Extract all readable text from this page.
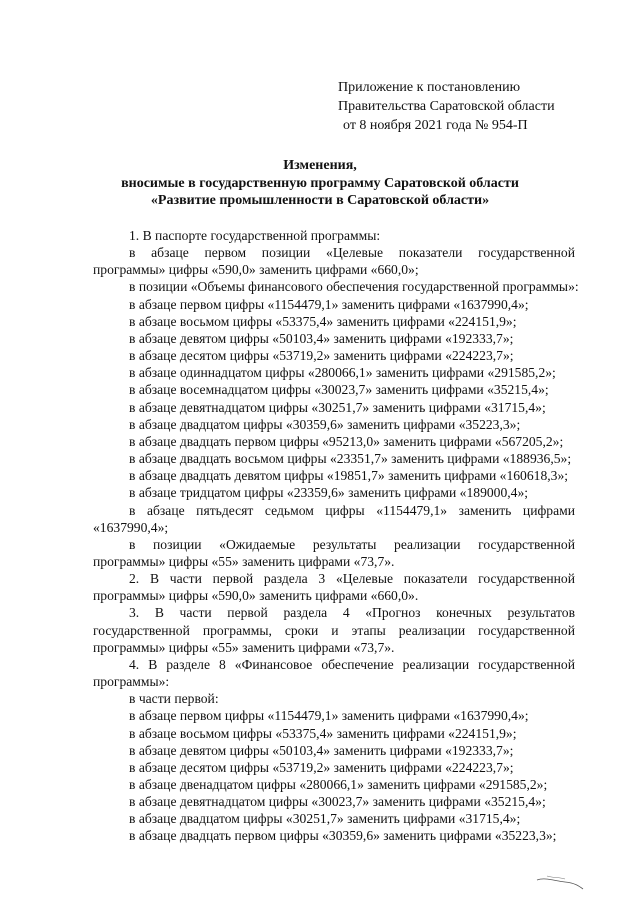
Приложение к постановлению
Правительства Саратовской области
от 8 ноября 2021 года № 954-П
Изменения,
вносимые в государственную программу Саратовской области
«Развитие промышленности в Саратовской области»

1. В паспорте государственной программы:

в абзаце первом позиции «Целевые показатели государственной программы» цифры «590,0» заменить цифрами «660,0»;

в позиции «Объемы финансового обеспечения государственной программы»:

в абзаце первом цифры «1154479,1» заменить цифрами «1637990,4»;

в абзаце восьмом цифры «53375,4» заменить цифрами «224151,9»;

в абзаце девятом цифры «50103,4» заменить цифрами «192333,7»;

в абзаце десятом цифры «53719,2» заменить цифрами «224223,7»;

в абзаце одиннадцатом цифры «280066,1» заменить цифрами «291585,2»;

в абзаце восемнадцатом цифры «30023,7» заменить цифрами «35215,4»;

в абзаце девятнадцатом цифры «30251,7» заменить цифрами «31715,4»;

в абзаце двадцатом цифры «30359,6» заменить цифрами «35223,3»;

в абзаце двадцать первом цифры «95213,0» заменить цифрами «567205,2»;

в абзаце двадцать восьмом цифры «23351,7» заменить цифрами «188936,5»;

в абзаце двадцать девятом цифры «19851,7» заменить цифрами «160618,3»;

в абзаце тридцатом цифры «23359,6» заменить цифрами «189000,4»;

в абзаце пятьдесят седьмом цифры «1154479,1» заменить цифрами «1637990,4»;

в позиции «Ожидаемые результаты реализации государственной программы» цифры «55» заменить цифрами «73,7».

2. В части первой раздела 3 «Целевые показатели государственной программы» цифры «590,0» заменить цифрами «660,0».

3. В части первой раздела 4 «Прогноз конечных результатов государственной программы, сроки и этапы реализации государственной программы» цифры «55» заменить цифрами «73,7».

4. В разделе 8 «Финансовое обеспечение реализации государственной программы»:

в части первой:

в абзаце первом цифры «1154479,1» заменить цифрами «1637990,4»;

в абзаце восьмом цифры «53375,4» заменить цифрами «224151,9»;

в абзаце девятом цифры «50103,4» заменить цифрами «192333,7»;

в абзаце десятом цифры «53719,2» заменить цифрами «224223,7»;

в абзаце двенадцатом цифры «280066,1» заменить цифрами «291585,2»;

в абзаце девятнадцатом цифры «30023,7» заменить цифрами «35215,4»;

в абзаце двадцатом цифры «30251,7» заменить цифрами «31715,4»;

в абзаце двадцать первом цифры «30359,6» заменить цифрами «35223,3»;
